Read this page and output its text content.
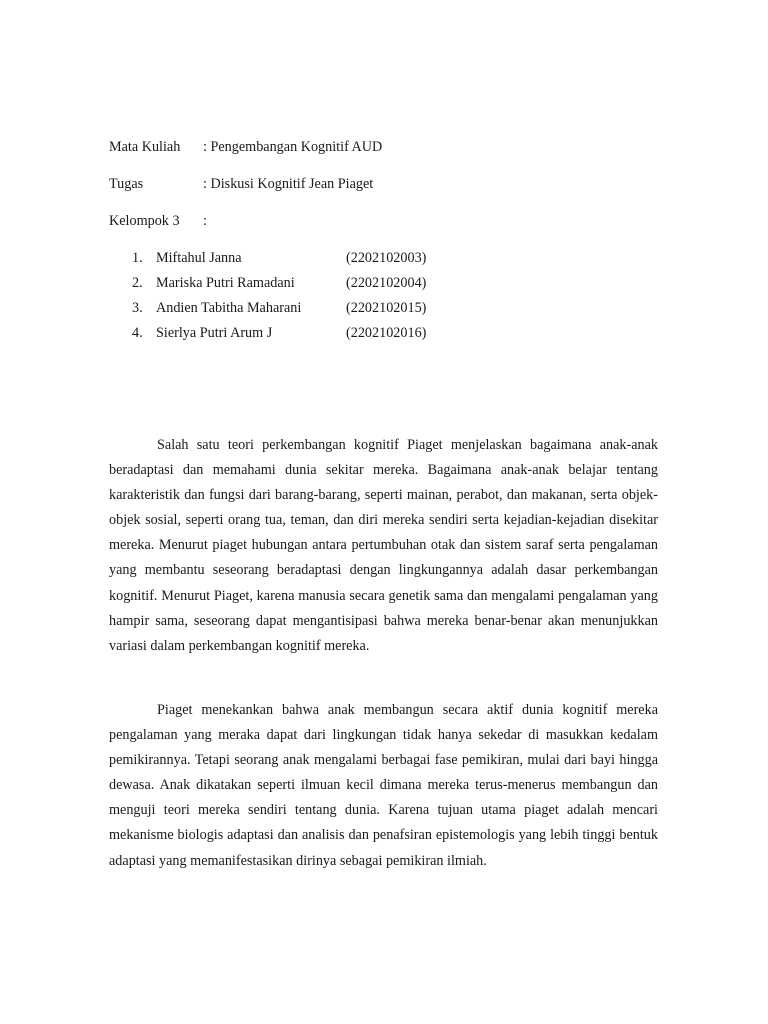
Mata Kuliah : Pengembangan Kognitif AUD
Tugas	: Diskusi Kognitif Jean Piaget
Kelompok 3 :
1. Miftahul Janna	(2202102003)
2. Mariska Putri Ramadani	(2202102004)
3. Andien Tabitha Maharani	(2202102015)
4. Sierlya Putri Arum J	(2202102016)

Salah satu teori perkembangan kognitif Piaget menjelaskan bagaimana anak-anak beradaptasi dan memahami dunia sekitar mereka. Bagaimana anak-anak belajar tentang karakteristik dan fungsi dari barang-barang, seperti mainan, perabot, dan makanan, serta objek-objek sosial, seperti orang tua, teman, dan diri mereka sendiri serta kejadian-kejadian disekitar mereka. Menurut piaget hubungan antara pertumbuhan otak dan sistem saraf serta pengalaman yang membantu seseorang beradaptasi dengan lingkungannya adalah dasar perkembangan kognitif. Menurut Piaget, karena manusia secara genetik sama dan mengalami pengalaman yang hampir sama, seseorang dapat mengantisipasi bahwa mereka benar-benar akan menunjukkan variasi dalam perkembangan kognitif mereka.

Piaget menekankan bahwa anak membangun secara aktif dunia kognitif mereka pengalaman yang meraka dapat dari lingkungan tidak hanya sekedar di masukkan kedalam pemikirannya. Tetapi seorang anak mengalami berbagai fase pemikiran, mulai dari bayi hingga dewasa. Anak dikatakan seperti ilmuan kecil dimana mereka terus-menerus membangun dan menguji teori mereka sendiri tentang dunia. Karena tujuan utama piaget adalah mencari mekanisme biologis adaptasi dan analisis dan penafsiran epistemologis yang lebih tinggi bentuk adaptasi yang memanifestasikan dirinya sebagai pemikiran ilmiah.
